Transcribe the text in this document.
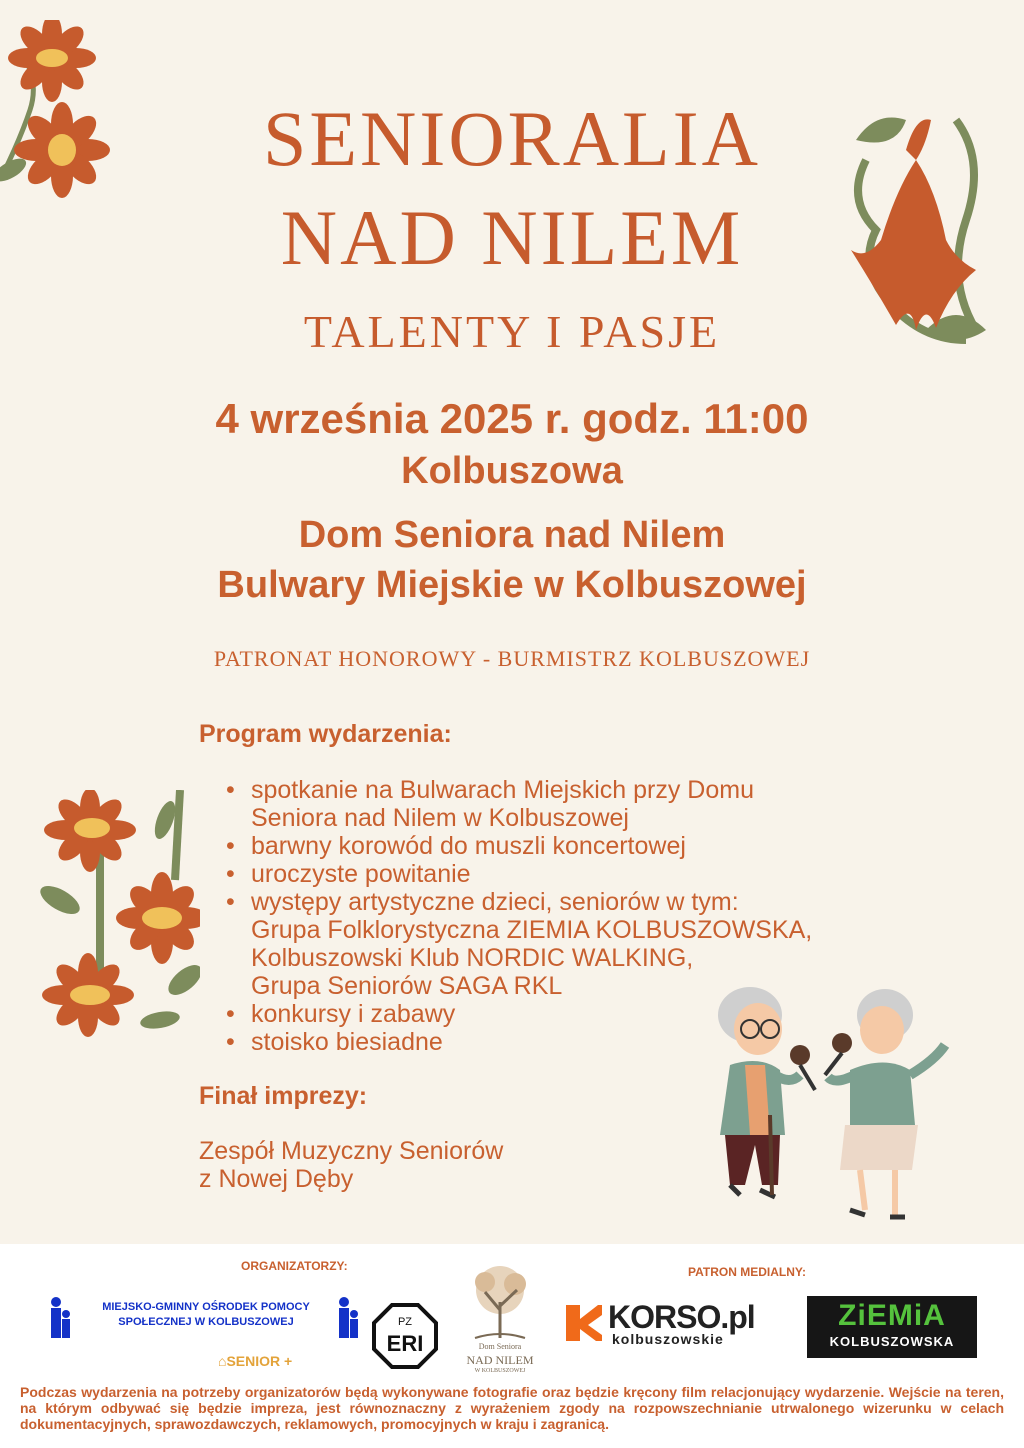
SENIORALIA
NAD NILEM
TALENTY I PASJE
4 września 2025 r. godz. 11:00
Kolbuszowa
Dom Seniora nad Nilem
Bulwary Miejskie w Kolbuszowej
PATRONAT HONOROWY - BURMISTRZ KOLBUSZOWEJ
Program wydarzenia:
• spotkanie na Bulwarach Miejskich przy Domu
Seniora nad Nilem w Kolbuszowej
• barwny korowód do muszli koncertowej
• uroczyste powitanie
• występy artystyczne dzieci, seniorów w tym:
Grupa Folklorystyczna ZIEMIA KOLBUSZOWSKA,
Kolbuszowski Klub NORDIC WALKING,
Grupa Seniorów SAGA RKL
• konkursy i zabawy
• stoisko biesiadne
Finał imprezy:
Zespół Muzyczny Seniorów
z Nowej Dęby
ORGANIZATORZY:	PATRON MEDIALNY:
MIEJSKO-GMINNY OŚRODEK POMOCY
SPOŁECZNEJ W KOLBUSZOWEJ	PZ
ERI
⌂SENIOR +
Dom Seniora
NAD NILEM
W KOLBUSZOWEJ
KORSO.pl
kolbuszowskie
ZiEMiA
KOLBUSZOWSKA
Podczas wydarzenia na potrzeby organizatorów będą wykonywane fotografie oraz będzie kręcony film relacjonujący wydarzenie. Wejście na teren, na którym odbywać się będzie impreza, jest równoznaczny z wyrażeniem zgody na rozpowszechnianie utrwalonego wizerunku w celach dokumentacyjnych, sprawozdawczych, reklamowych, promocyjnych w kraju i zagranicą.
